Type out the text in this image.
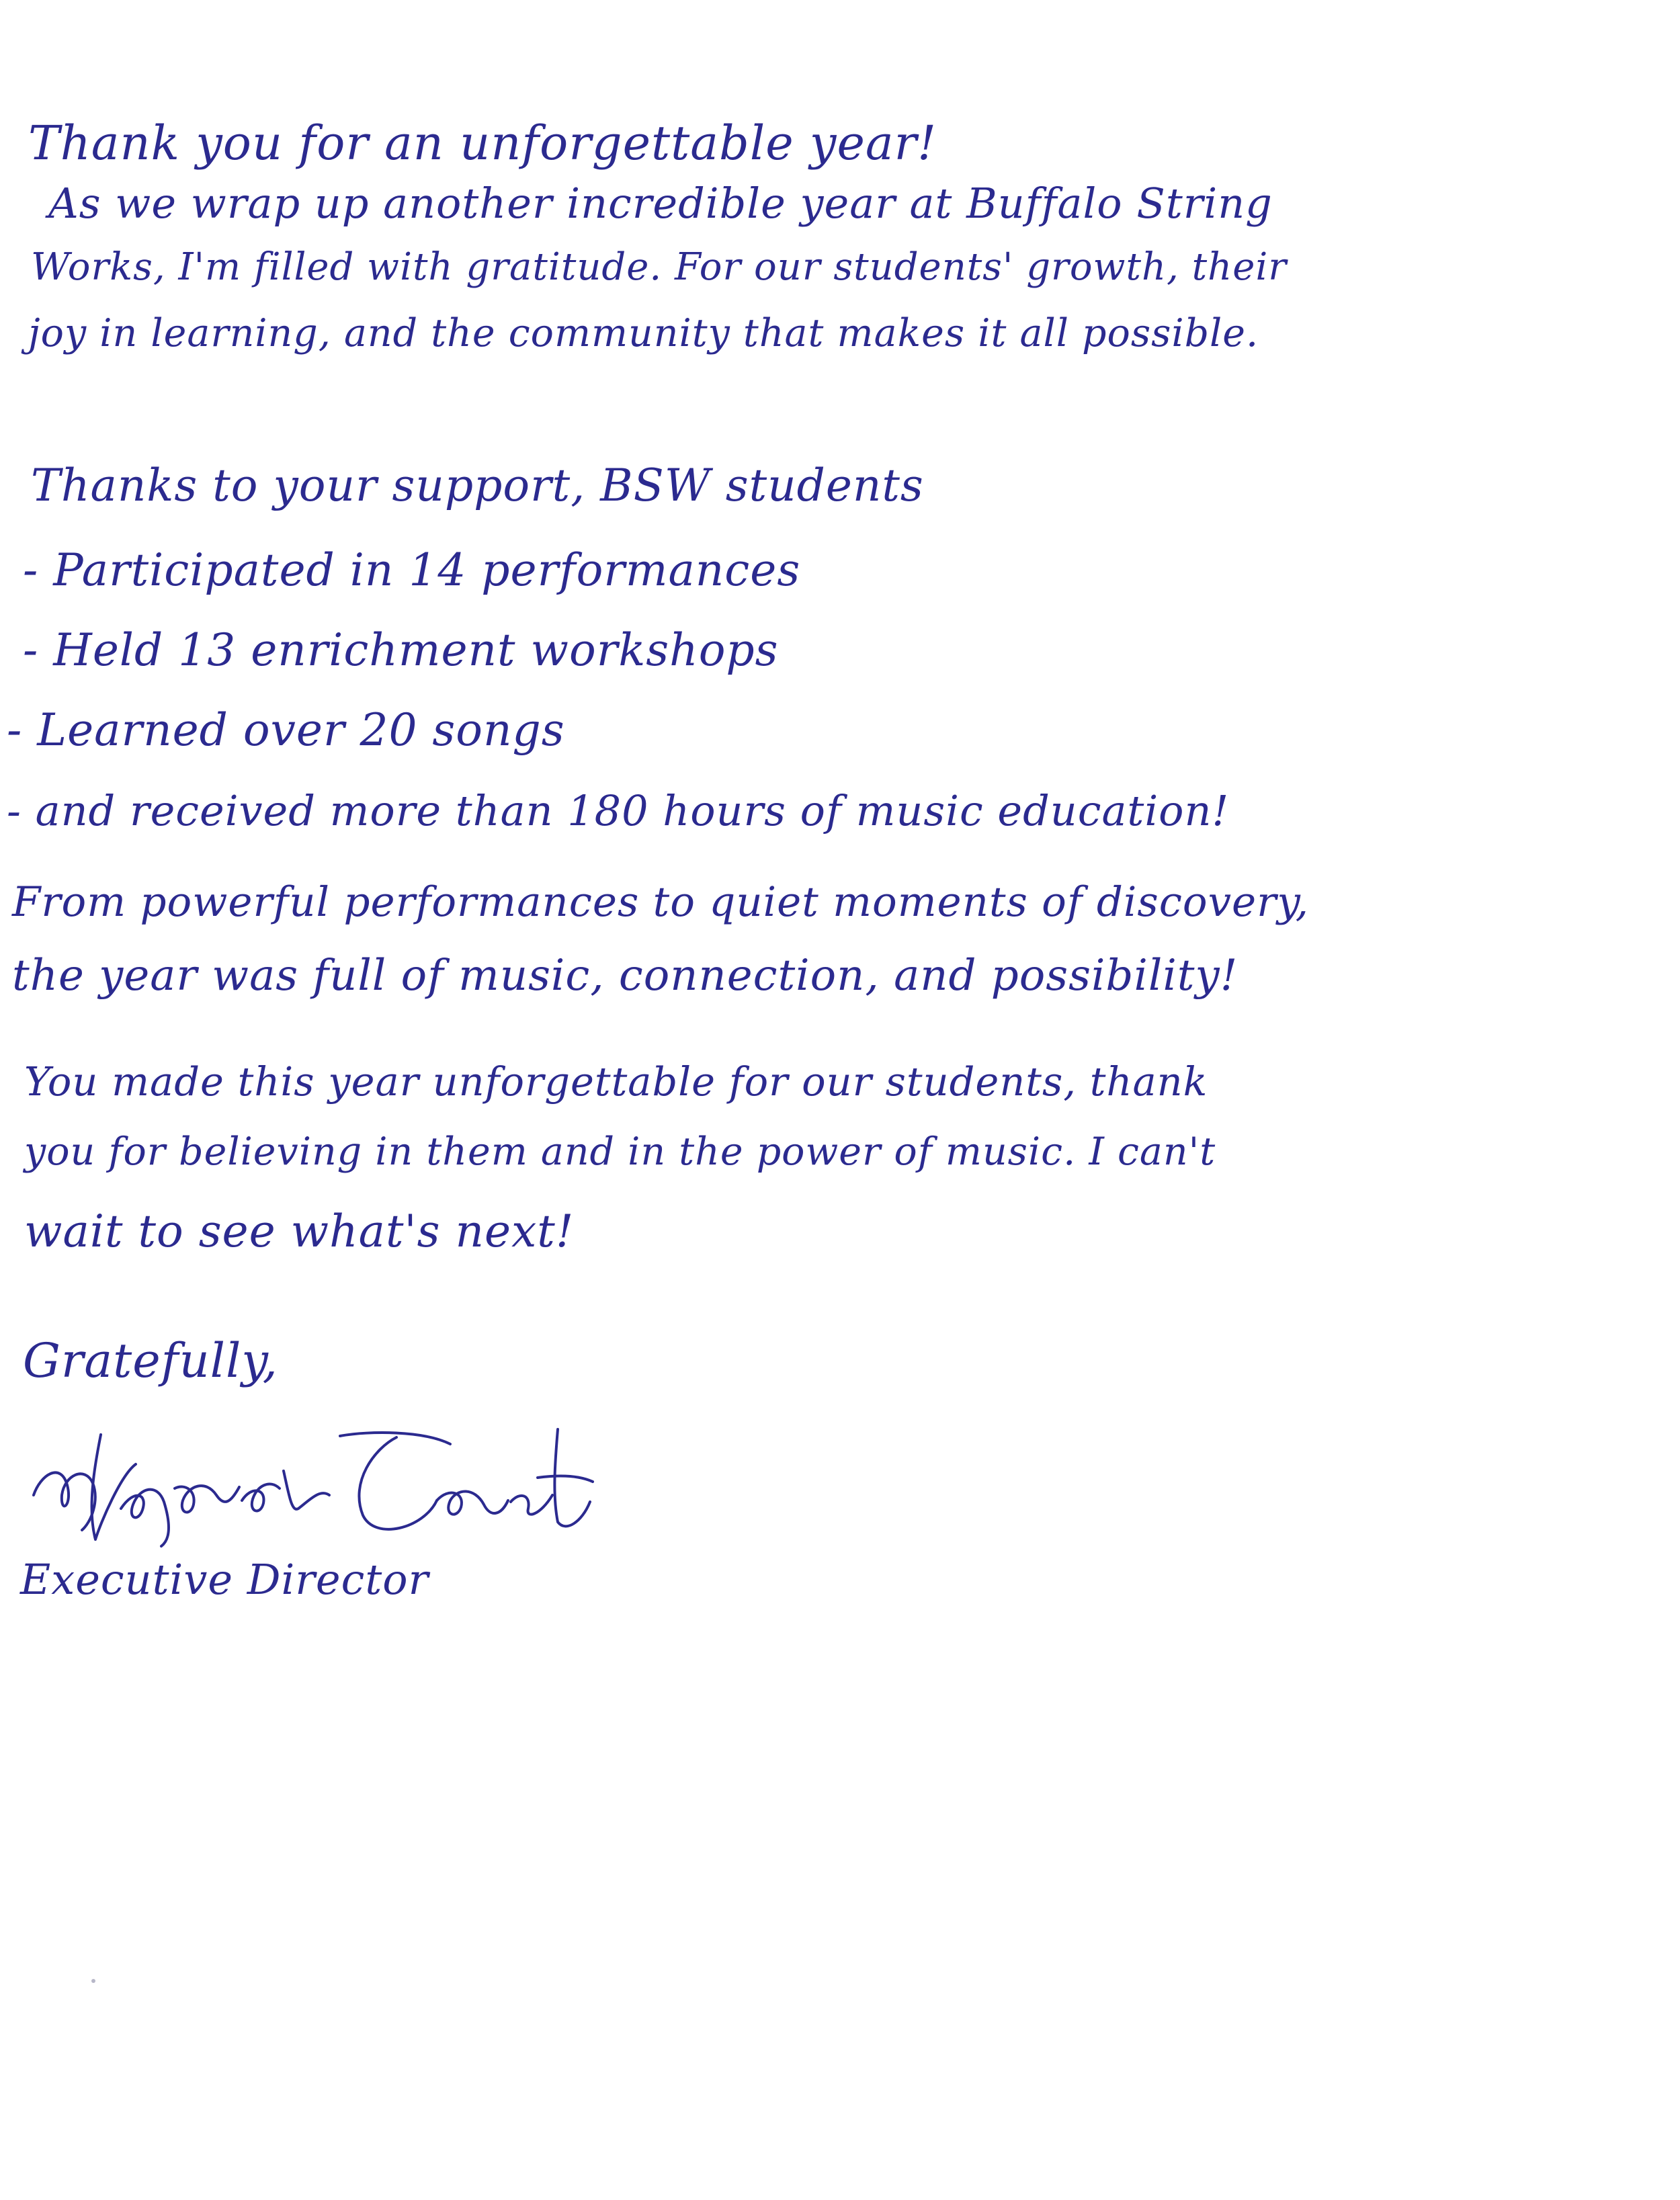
Thank you for an unforgettable year!
As we wrap up another incredible year at Buffalo String
Works, I'm filled with gratitude. For our students' growth, their
joy in learning, and the community that makes it all possible.
Thanks to your support, BSW students
- Participated in 14 performances
- Held 13 enrichment workshops
- Learned over 20 songs
- and received more than 180 hours of music education!
From powerful performances to quiet moments of discovery,
the year was full of music, connection, and possibility!
You made this year unforgettable for our students, thank
you for believing in them and in the power of music. I can't
wait to see what's next!
Gratefully,
Executive Director
